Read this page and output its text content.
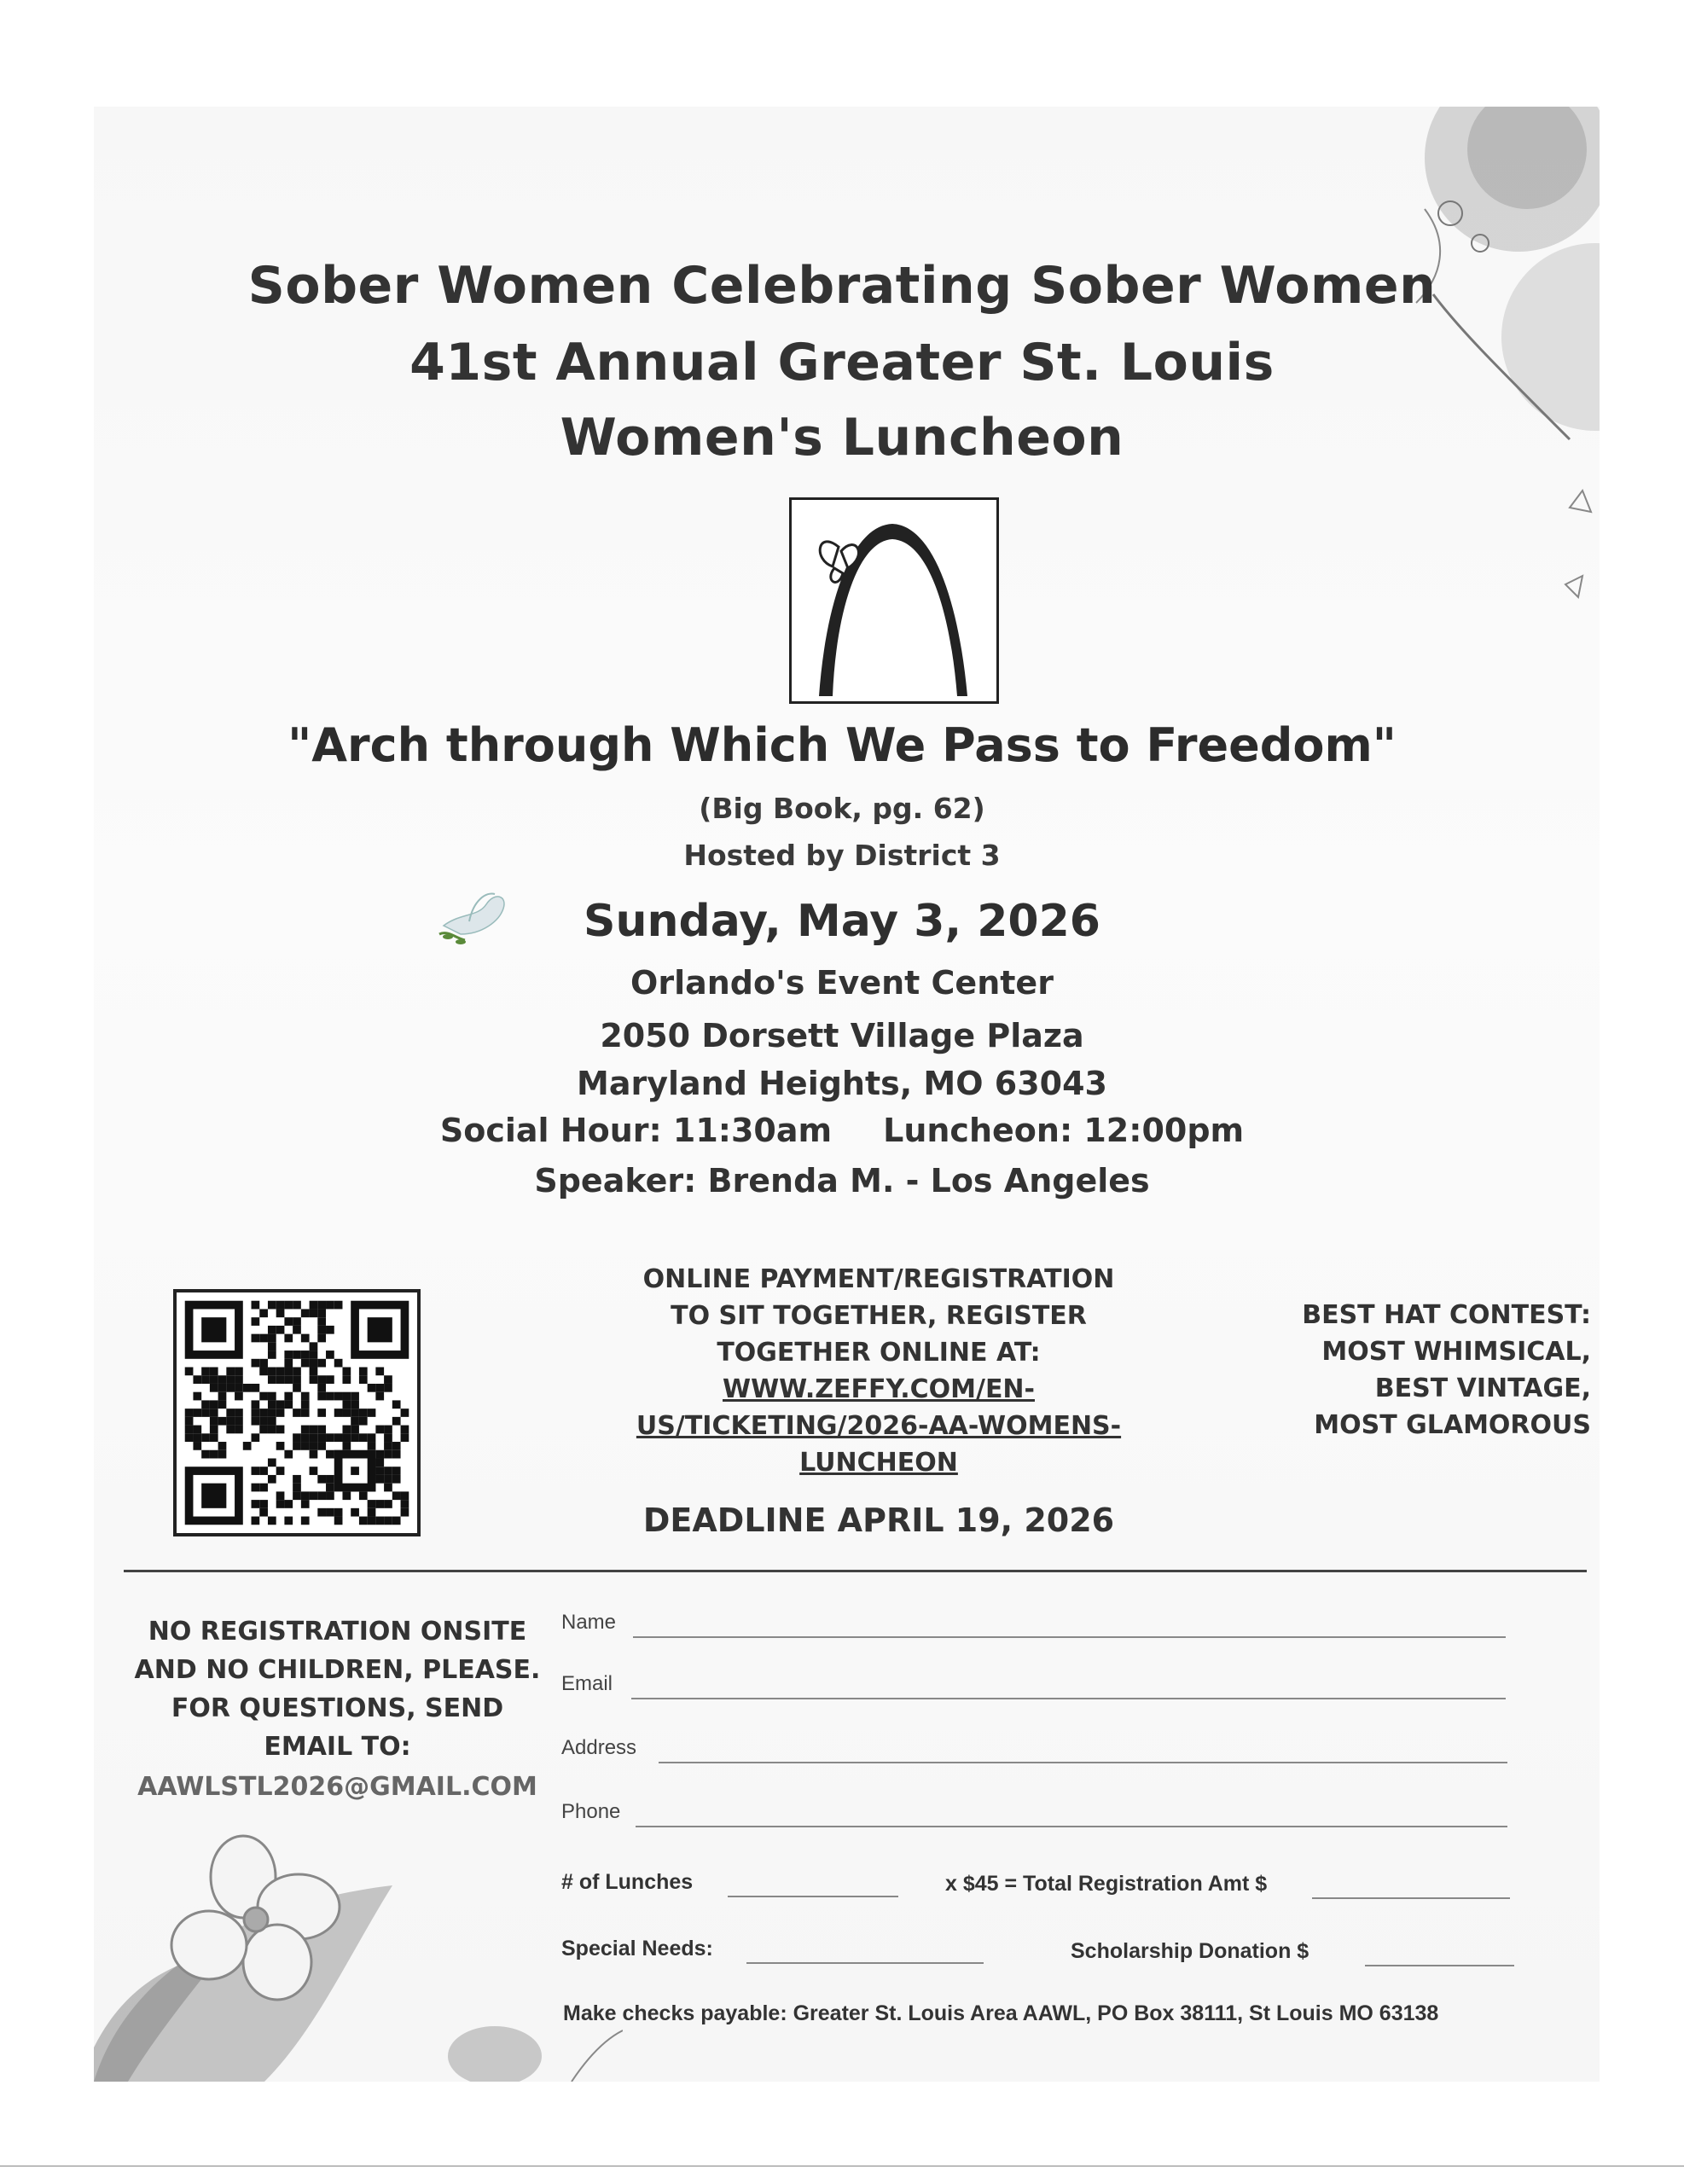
Sober Women Celebrating Sober Women
41st Annual Greater St. Louis
Women's Luncheon
"Arch through Which We Pass to Freedom"
(Big Book, pg. 62)
Hosted by District 3
Sunday, May 3, 2026
Orlando's Event Center
2050 Dorsett Village Plaza
Maryland Heights, MO 63043
Social Hour: 11:30am Luncheon: 12:00pm
Speaker: Brenda M. - Los Angeles
ONLINE PAYMENT/REGISTRATION
TO SIT TOGETHER, REGISTER
TOGETHER ONLINE AT:
WWW.ZEFFY.COM/EN-
US/TICKETING/2026-AA-WOMENS-
LUNCHEON
DEADLINE APRIL 19, 2026
BEST HAT CONTEST:
MOST WHIMSICAL,
BEST VINTAGE,
MOST GLAMOROUS
NO REGISTRATION ONSITE
AND NO CHILDREN, PLEASE.
FOR QUESTIONS, SEND
EMAIL TO:
AAWLSTL2026@GMAIL.COM
Name
Email
Address
Phone
# of Lunches	x $45 = Total Registration Amt $
Special Needs:	Scholarship Donation $
Make checks payable: Greater St. Louis Area AAWL, PO Box 38111, St Louis MO 63138
